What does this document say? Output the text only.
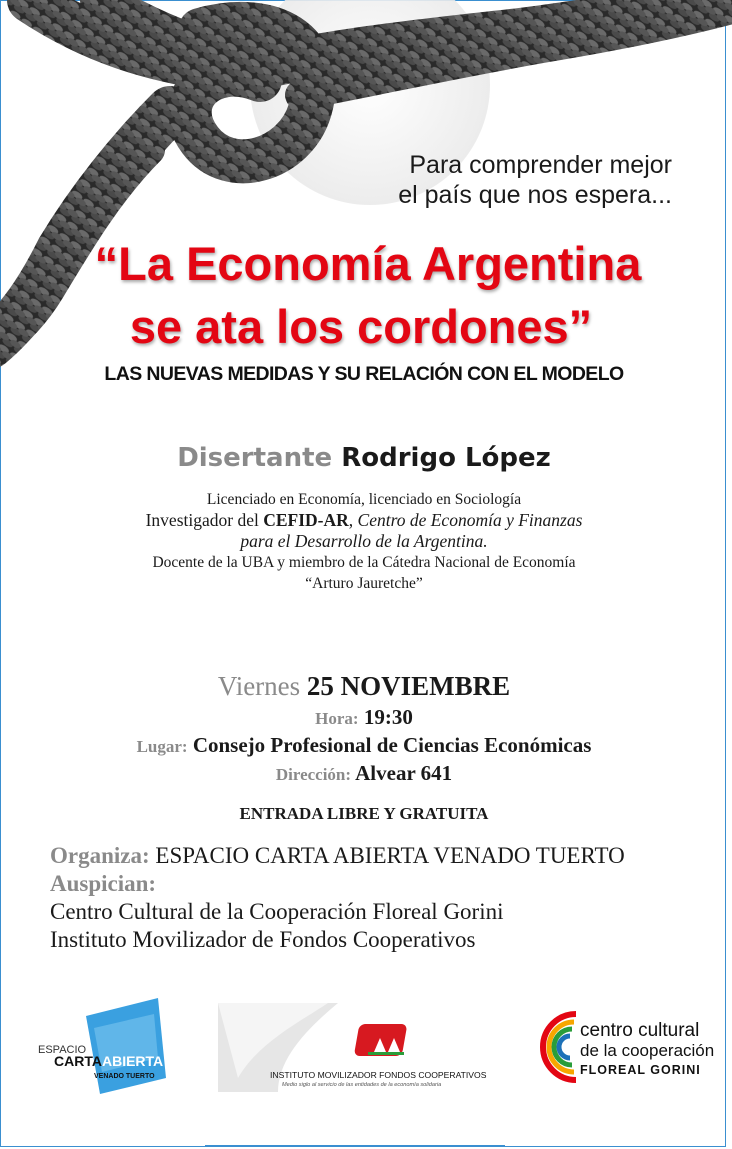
Para comprender mejor
el país que nos espera...
“La Economía Argentina
se ata los cordones”
LAS NUEVAS MEDIDAS Y SU RELACIÓN CON EL MODELO
Disertante Rodrigo López
Licenciado en Economía, licenciado en Sociología
Investigador del CEFID-AR, Centro de Economía y Finanzas
para el Desarrollo de la Argentina.
Docente de la UBA y miembro de la Cátedra Nacional de Economía
“Arturo Jauretche”
Viernes 25 NOVIEMBRE
Hora: 19:30
Lugar: Consejo Profesional de Ciencias Económicas
Dirección: Alvear 641
ENTRADA LIBRE Y GRATUITA
Organiza: ESPACIO CARTA ABIERTA VENADO TUERTO
Auspician:
Centro Cultural de la Cooperación Floreal Gorini
Instituto Movilizador de Fondos Cooperativos
ESPACIO
CARTAABIERTA
VENADO TUERTO	INSTITUTO MOVILIZADOR FONDOS COOPERATIVOS
Medio siglo al servicio de las entidades de la economía solidaria
centro cultural
de la cooperación
FLOREAL GORINI
